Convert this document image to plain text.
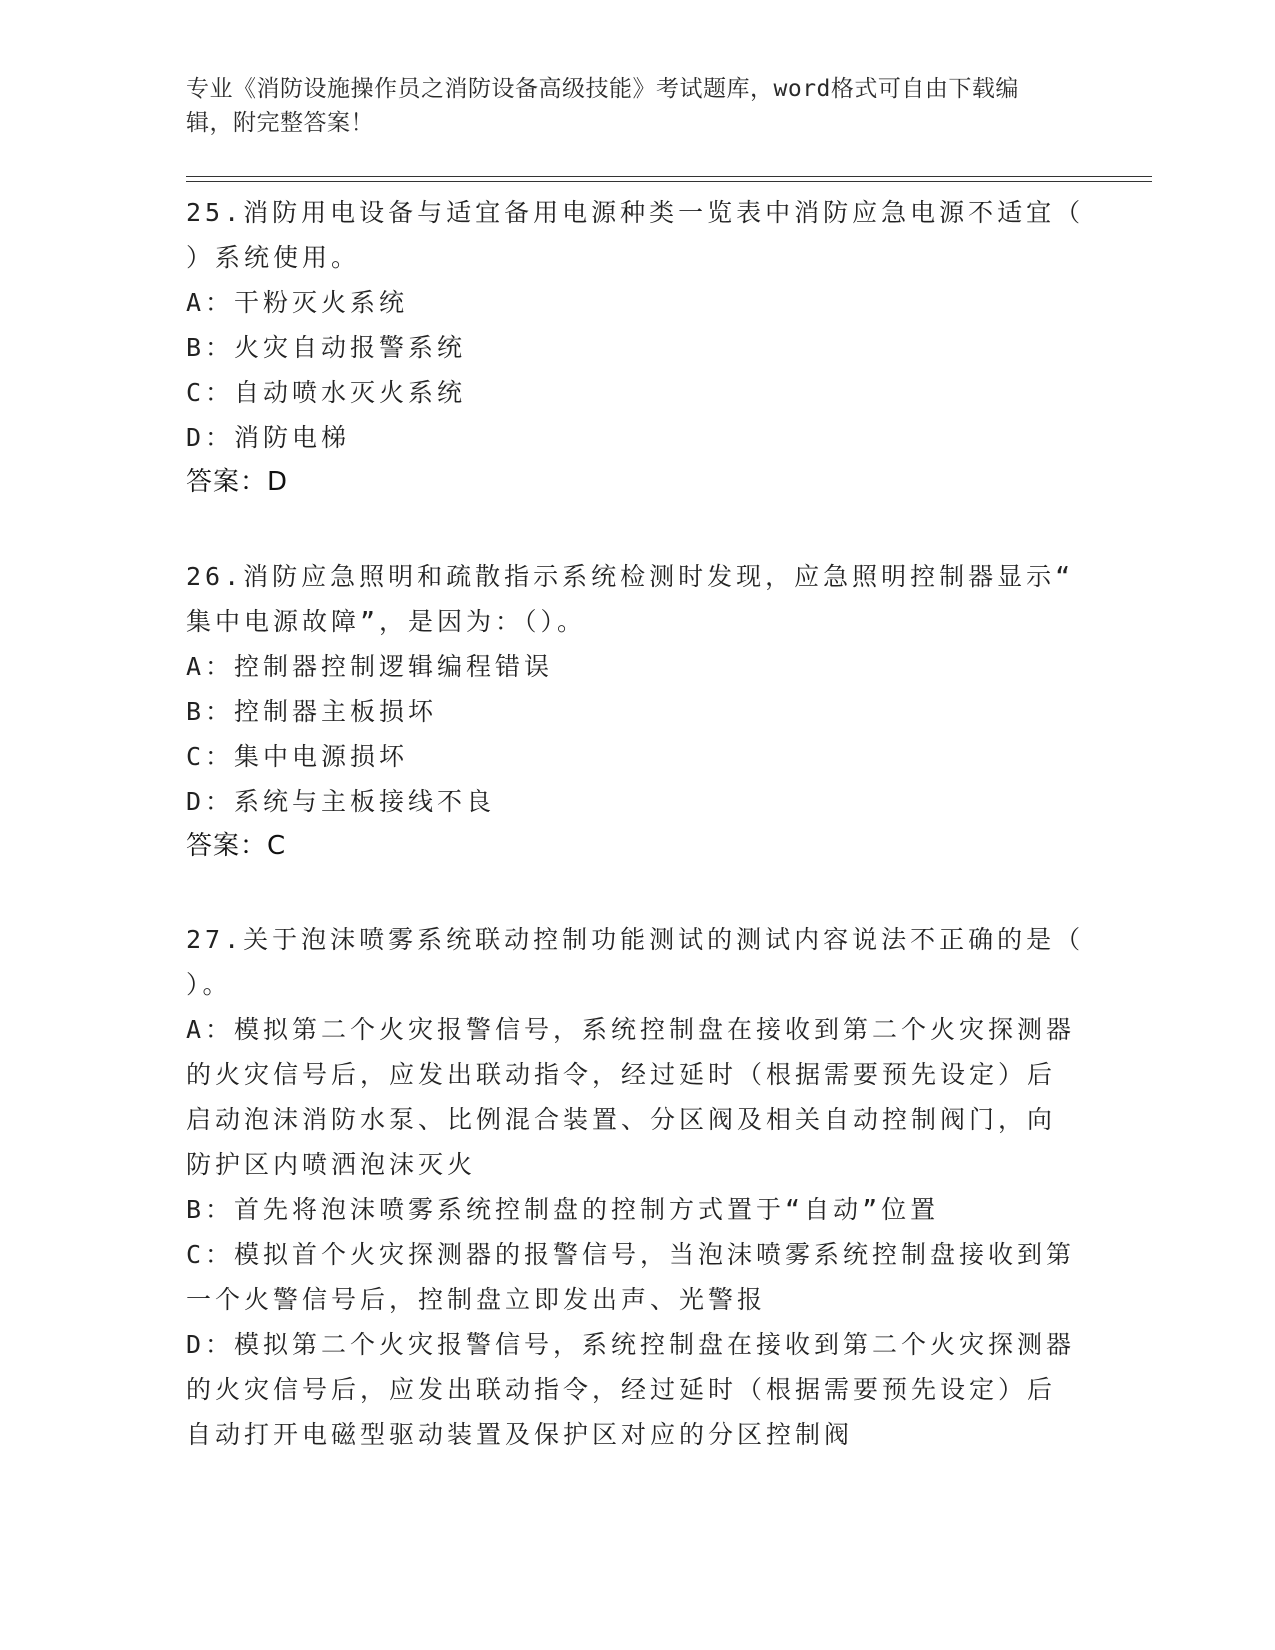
专业《消防设施操作员之消防设备高级技能》考试题库，word格式可自由下载编
辑，附完整答案！
25.消防用电设备与适宜备用电源种类一览表中消防应急电源不适宜（
）系统使用。
A：干粉灭火系统
B：火灾自动报警系统
C：自动喷水灭火系统
D：消防电梯
答案：D
26.消防应急照明和疏散指示系统检测时发现，应急照明控制器显示“
集中电源故障”，是因为：（）。
A：控制器控制逻辑编程错误
B：控制器主板损坏
C：集中电源损坏
D：系统与主板接线不良
答案：C
27.关于泡沫喷雾系统联动控制功能测试的测试内容说法不正确的是（
）。
A：模拟第二个火灾报警信号，系统控制盘在接收到第二个火灾探测器
的火灾信号后，应发出联动指令，经过延时（根据需要预先设定）后
启动泡沫消防水泵、比例混合装置、分区阀及相关自动控制阀门，向
防护区内喷洒泡沫灭火
B：首先将泡沫喷雾系统控制盘的控制方式置于“自动”位置
C：模拟首个火灾探测器的报警信号，当泡沫喷雾系统控制盘接收到第
一个火警信号后，控制盘立即发出声、光警报
D：模拟第二个火灾报警信号，系统控制盘在接收到第二个火灾探测器
的火灾信号后，应发出联动指令，经过延时（根据需要预先设定）后
自动打开电磁型驱动装置及保护区对应的分区控制阀
